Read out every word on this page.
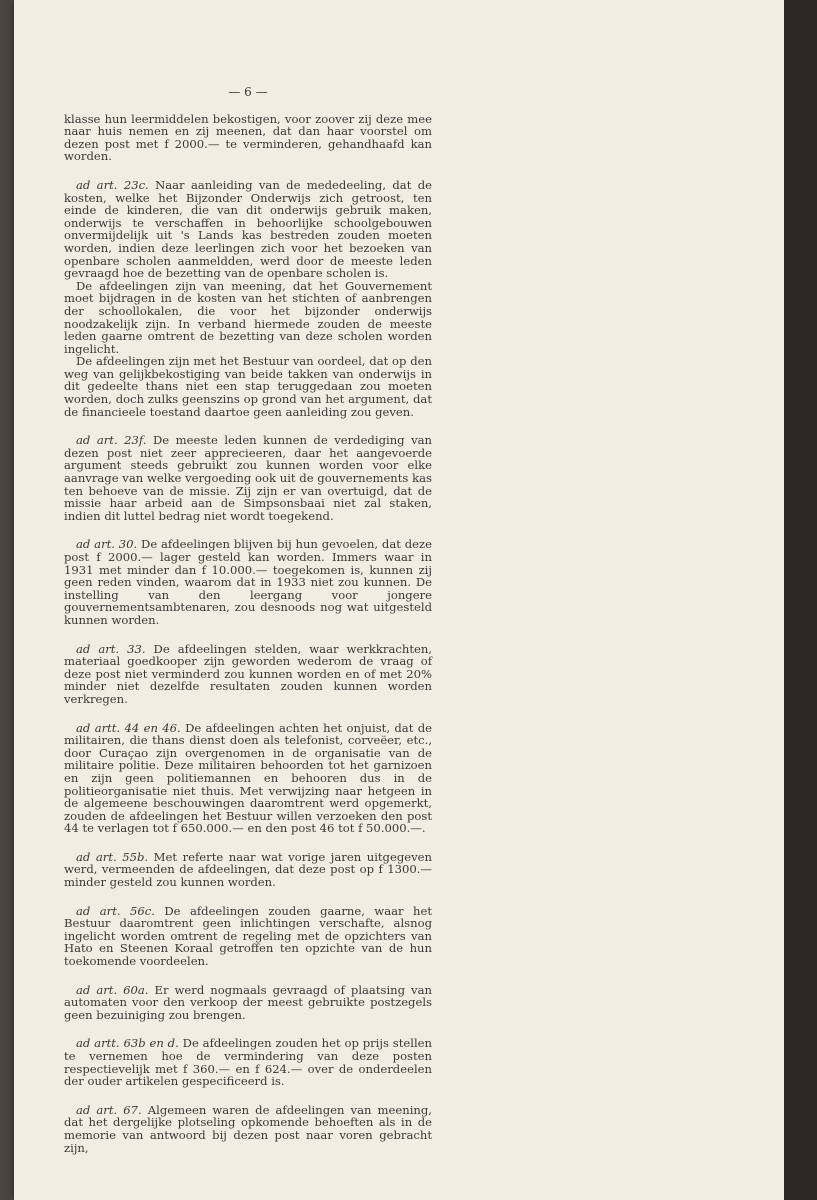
— 6 —

klasse hun leermiddelen bekostigen, voor zoover zij deze mee naar huis nemen en zij meenen, dat dan haar voorstel om dezen post met f 2000.— te verminderen, gehandhaafd kan worden.

ad art. 23c. Naar aanleiding van de mededeeling, dat de kosten, welke het Bijzonder Onderwijs zich getroost, ten einde de kinderen, die van dit onderwijs gebruik maken, onderwijs te verschaffen in behoorlijke schoolgebouwen onvermijdelijk uit 's Lands kas bestreden zouden moeten worden, indien deze leerlingen zich voor het bezoeken van openbare scholen aanmeldden, werd door de meeste leden gevraagd hoe de bezetting van de openbare scholen is.

De afdeelingen zijn van meening, dat het Gouvernement moet bijdragen in de kosten van het stichten of aanbrengen der schoollokalen, die voor het bijzonder onderwijs noodzakelijk zijn. In verband hiermede zouden de meeste leden gaarne omtrent de bezetting van deze scholen worden ingelicht.

De afdeelingen zijn met het Bestuur van oordeel, dat op den weg van gelijkbekostiging van beide takken van onderwijs in dit gedeelte thans niet een stap teruggedaan zou moeten worden, doch zulks geenszins op grond van het argument, dat de financieele toestand daartoe geen aanleiding zou geven.

ad art. 23f. De meeste leden kunnen de verdediging van dezen post niet zeer apprecieeren, daar het aangevoerde argument steeds gebruikt zou kunnen worden voor elke aanvrage van welke vergoeding ook uit de gouvernements kas ten behoeve van de missie. Zij zijn er van overtuigd, dat de missie haar arbeid aan de Simpsonsbaai niet zal staken, indien dit luttel bedrag niet wordt toegekend.

ad art. 30. De afdeelingen blijven bij hun gevoelen, dat deze post f 2000.— lager gesteld kan worden. Immers waar in 1931 met minder dan f 10.000.— toegekomen is, kunnen zij geen reden vinden, waarom dat in 1933 niet zou kunnen. De instelling van den leergang voor jongere gouvernementsambtenaren, zou desnoods nog wat uitgesteld kunnen worden.

ad art. 33. De afdeelingen stelden, waar werkkrachten, materiaal goedkooper zijn geworden wederom de vraag of deze post niet verminderd zou kunnen worden en of met 20% minder niet dezelfde resultaten zouden kunnen worden verkregen.

ad artt. 44 en 46. De afdeelingen achten het onjuist, dat de militairen, die thans dienst doen als telefonist, corveëer, etc., door Curaçao zijn overgenomen in de organisatie van de militaire politie. Deze militairen behoorden tot het garnizoen en zijn geen politiemannen en behooren dus in de politieorganisatie niet thuis. Met verwijzing naar hetgeen in de algemeene beschouwingen daaromtrent werd opgemerkt, zouden de afdeelingen het Bestuur willen verzoeken den post 44 te verlagen tot f 650.000.— en den post 46 tot f 50.000.—.

ad art. 55b. Met referte naar wat vorige jaren uitgegeven werd, vermeenden de afdeelingen, dat deze post op f 1300.— minder gesteld zou kunnen worden.

ad art. 56c. De afdeelingen zouden gaarne, waar het Bestuur daaromtrent geen inlichtingen verschafte, alsnog ingelicht worden omtrent de regeling met de opzichters van Hato en Steenen Koraal getroffen ten opzichte van de hun toekomende voordeelen.

ad art. 60a. Er werd nogmaals gevraagd of plaatsing van automaten voor den verkoop der meest gebruikte postzegels geen bezuiniging zou brengen.

ad artt. 63b en d. De afdeelingen zouden het op prijs stellen te vernemen hoe de vermindering van deze posten respectievelijk met f 360.— en f 624.— over de onderdeelen der ouder artikelen gespecificeerd is.

ad art. 67. Algemeen waren de afdeelingen van meening, dat het dergelijke plotseling opkomende behoeften als in de memorie van antwoord bij dezen post naar voren gebracht zijn,
